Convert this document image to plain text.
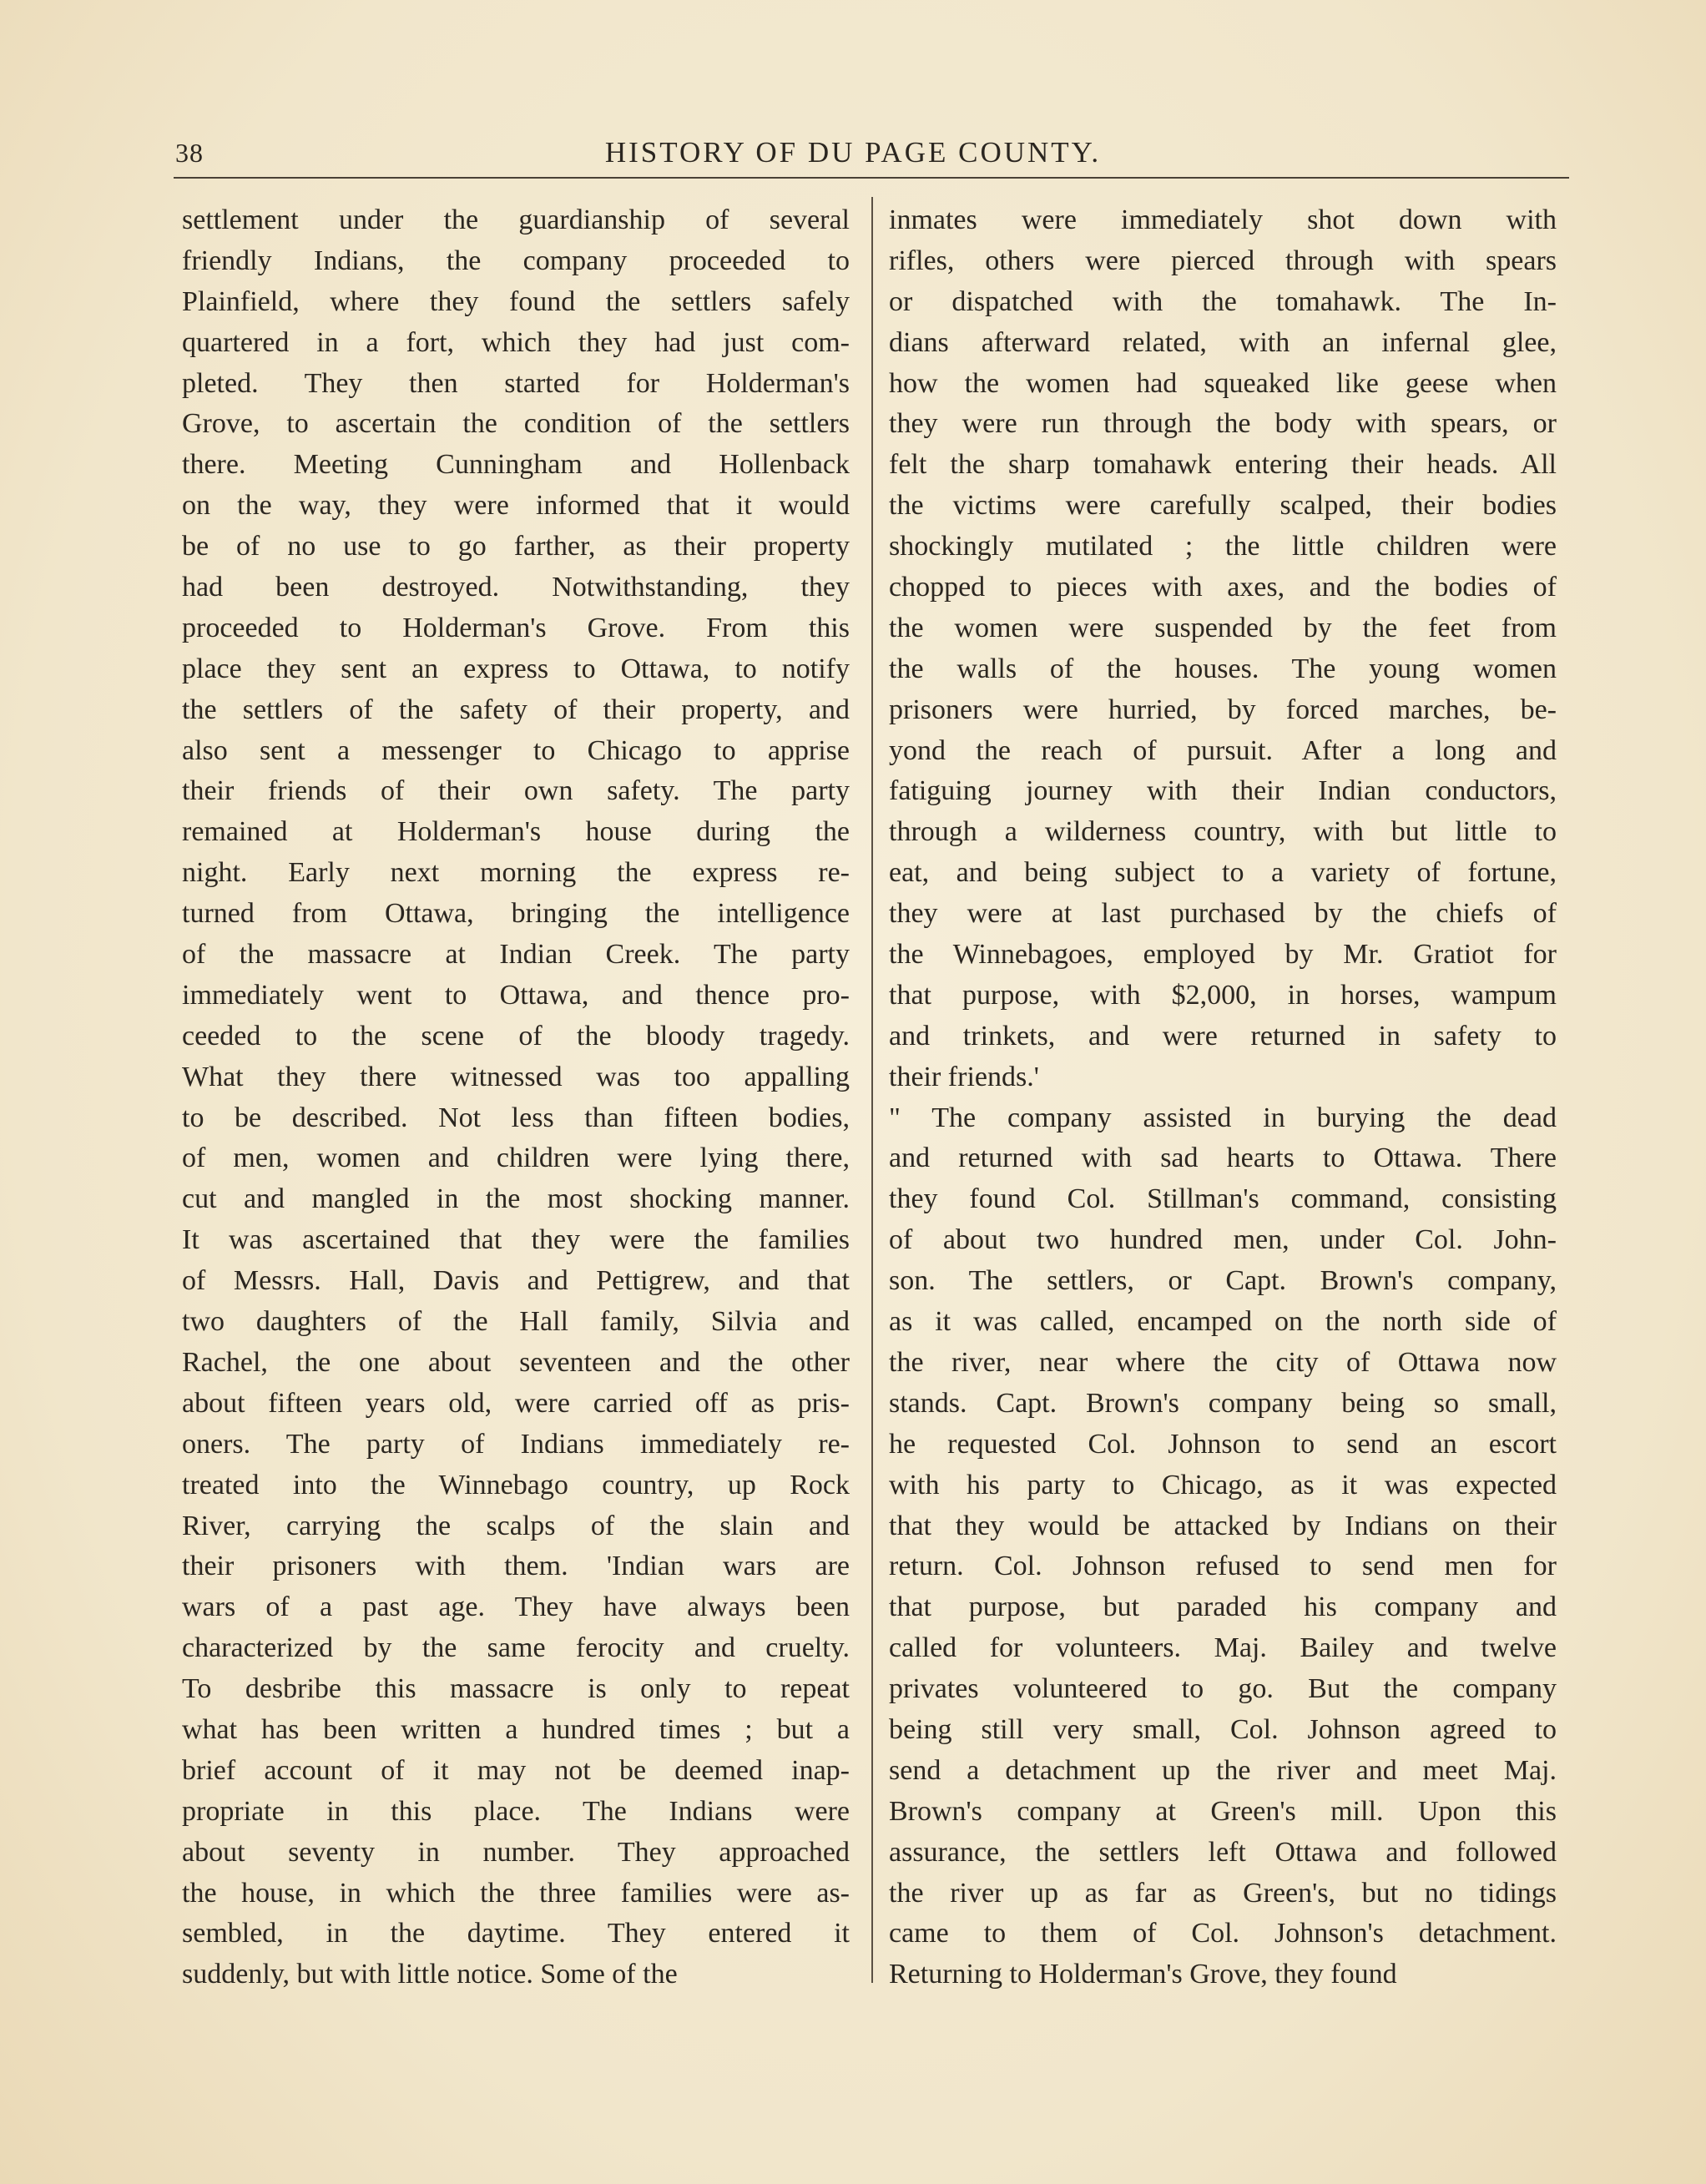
38	HISTORY OF DU PAGE COUNTY.
settlement under the guardianship of several
friendly Indians, the company proceeded to
Plainfield, where they found the settlers safely
quartered in a fort, which they had just com-
pleted. They then started for Holderman's
Grove, to ascertain the condition of the settlers
there. Meeting Cunningham and Hollenback
on the way, they were informed that it would
be of no use to go farther, as their property
had been destroyed. Notwithstanding, they
proceeded to Holderman's Grove. From this
place they sent an express to Ottawa, to notify
the settlers of the safety of their property, and
also sent a messenger to Chicago to apprise
their friends of their own safety. The party
remained at Holderman's house during the
night. Early next morning the express re-
turned from Ottawa, bringing the intelligence
of the massacre at Indian Creek. The party
immediately went to Ottawa, and thence pro-
ceeded to the scene of the bloody tragedy.
What they there witnessed was too appalling
to be described. Not less than fifteen bodies,
of men, women and children were lying there,
cut and mangled in the most shocking manner.
It was ascertained that they were the families
of Messrs. Hall, Davis and Pettigrew, and that
two daughters of the Hall family, Silvia and
Rachel, the one about seventeen and the other
about fifteen years old, were carried off as pris-
oners. The party of Indians immediately re-
treated into the Winnebago country, up Rock
River, carrying the scalps of the slain and
their prisoners with them. 'Indian wars are
wars of a past age. They have always been
characterized by the same ferocity and cruelty.
To desbribe this massacre is only to repeat
what has been written a hundred times ; but a
brief account of it may not be deemed inap-
propriate in this place. The Indians were
about seventy in number. They approached
the house, in which the three families were as-
sembled, in the daytime. They entered it
suddenly, but with little notice. Some of the
inmates were immediately shot down with
rifles, others were pierced through with spears
or dispatched with the tomahawk. The In-
dians afterward related, with an infernal glee,
how the women had squeaked like geese when
they were run through the body with spears, or
felt the sharp tomahawk entering their heads. All
the victims were carefully scalped, their bodies
shockingly mutilated ; the little children were
chopped to pieces with axes, and the bodies of
the women were suspended by the feet from
the walls of the houses. The young women
prisoners were hurried, by forced marches, be-
yond the reach of pursuit. After a long and
fatiguing journey with their Indian conductors,
through a wilderness country, with but little to
eat, and being subject to a variety of fortune,
they were at last purchased by the chiefs of
the Winnebagoes, employed by Mr. Gratiot for
that purpose, with $2,000, in horses, wampum
and trinkets, and were returned in safety to
their friends.'
" The company assisted in burying the dead
and returned with sad hearts to Ottawa. There
they found Col. Stillman's command, consisting
of about two hundred men, under Col. John-
son. The settlers, or Capt. Brown's company,
as it was called, encamped on the north side of
the river, near where the city of Ottawa now
stands. Capt. Brown's company being so small,
he requested Col. Johnson to send an escort
with his party to Chicago, as it was expected
that they would be attacked by Indians on their
return. Col. Johnson refused to send men for
that purpose, but paraded his company and
called for volunteers. Maj. Bailey and twelve
privates volunteered to go. But the company
being still very small, Col. Johnson agreed to
send a detachment up the river and meet Maj.
Brown's company at Green's mill. Upon this
assurance, the settlers left Ottawa and followed
the river up as far as Green's, but no tidings
came to them of Col. Johnson's detachment.
Returning to Holderman's Grove, they found
